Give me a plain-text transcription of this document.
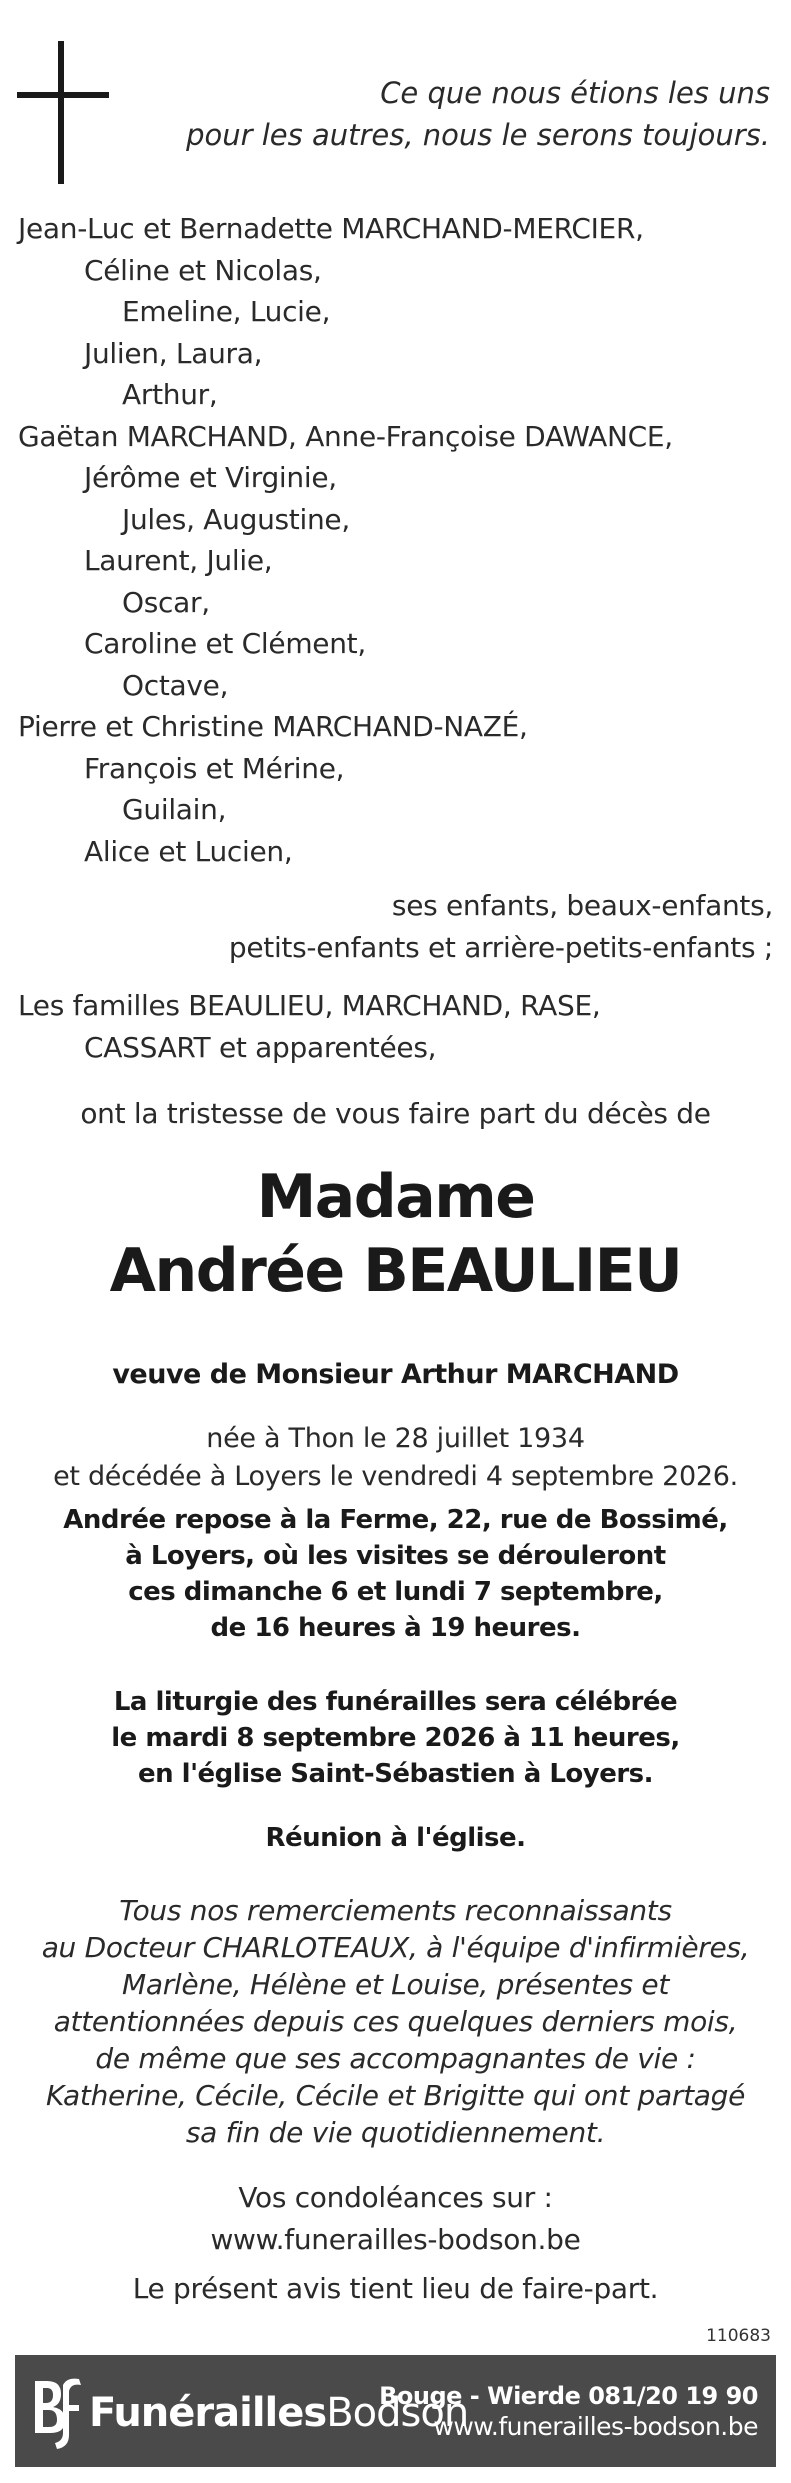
Ce que nous étions les uns
pour les autres, nous le serons toujours.
Jean-Luc et Bernadette MARCHAND-MERCIER,
Céline et Nicolas,
Emeline, Lucie,
Julien, Laura,
Arthur,
Gaëtan MARCHAND, Anne-Françoise DAWANCE,
Jérôme et Virginie,
Jules, Augustine,
Laurent, Julie,
Oscar,
Caroline et Clément,
Octave,
Pierre et Christine MARCHAND-NAZÉ,
François et Mérine,
Guilain,
Alice et Lucien,
ses enfants, beaux-enfants,
petits-enfants et arrière-petits-enfants ;
Les familles BEAULIEU, MARCHAND, RASE,
CASSART et apparentées,
ont la tristesse de vous faire part du décès de
Madame
Andrée BEAULIEU
veuve de Monsieur Arthur MARCHAND
née à Thon le 28 juillet 1934
et décédée à Loyers le vendredi 4 septembre 2026.
Andrée repose à la Ferme, 22, rue de Bossimé,
à Loyers, où les visites se dérouleront
ces dimanche 6 et lundi 7 septembre,
de 16 heures à 19 heures.
La liturgie des funérailles sera célébrée
le mardi 8 septembre 2026 à 11 heures,
en l'église Saint-Sébastien à Loyers.
Réunion à l'église.
Tous nos remerciements reconnaissants
au Docteur CHARLOTEAUX, à l'équipe d'infirmières,
Marlène, Hélène et Louise, présentes et
attentionnées depuis ces quelques derniers mois,
de même que ses accompagnantes de vie :
Katherine, Cécile, Cécile et Brigitte qui ont partagé
sa fin de vie quotidiennement.
Vos condoléances sur :
www.funerailles-bodson.be
Le présent avis tient lieu de faire-part.
110683
FunéraillesBodson
Bouge - Wierde 081/20 19 90
www.funerailles-bodson.be
